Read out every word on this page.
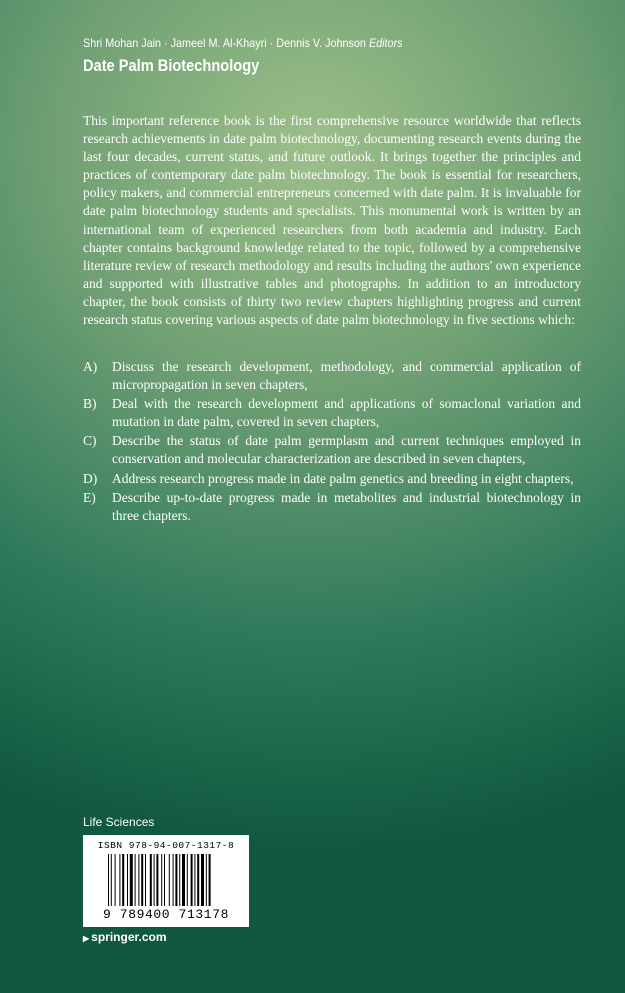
Shri Mohan Jain · Jameel M. Al-Khayri · Dennis V. Johnson Editors
Date Palm Biotechnology

This important reference book is the first comprehensive resource worldwide that reflects research achievements in date palm biotechnology, documenting research events during the last four decades, current status, and future outlook. It brings together the principles and practices of contemporary date palm biotechnology. The book is essential for researchers, policy makers, and commercial entrepreneurs concerned with date palm. It is invaluable for date palm biotechnology students and specialists. This monumental work is written by an international team of experienced researchers from both academia and industry. Each chapter contains background knowledge related to the topic, followed by a comprehensive literature review of research methodology and results including the authors' own experience and supported with illustrative tables and photographs. In addition to an introductory chapter, the book consists of thirty two review chapters highlighting progress and current research status covering various aspects of date palm biotechnology in five sections which:

A)	Discuss the research development, methodology, and commercial application of micropropagation in seven chapters,
B)	Deal with the research development and applications of somaclonal variation and mutation in date palm, covered in seven chapters,
C)	Describe the status of date palm germplasm and current techniques employed in conservation and molecular characterization are described in seven chapters,
D)	Address research progress made in date palm genetics and breeding in eight chapters,
E)	Describe up-to-date progress made in metabolites and industrial biotechnology in three chapters.
Life Sciences
ISBN 978-94-007-1317-8
9 789400 713178
▶ springer.com
